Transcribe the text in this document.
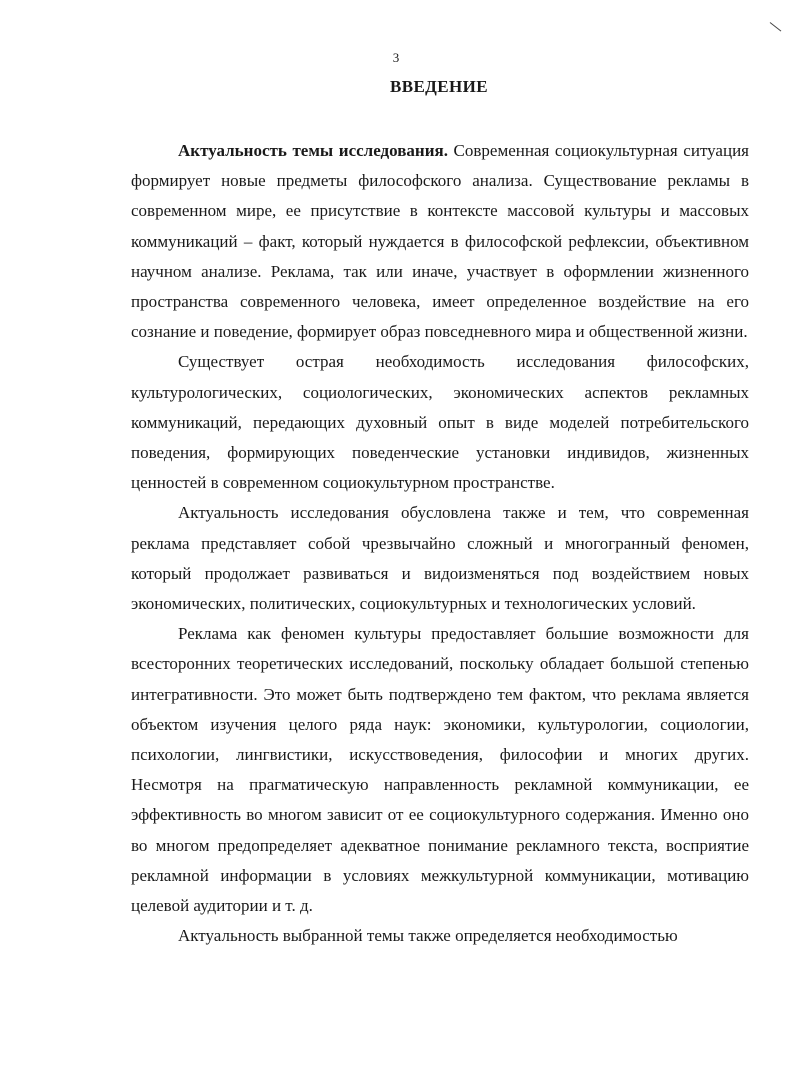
3
ВВЕДЕНИЕ

Актуальность темы исследования. Современная социокультурная ситуация формирует новые предметы философского анализа. Существование рекламы в современном мире, ее присутствие в контексте массовой культуры и массовых коммуникаций – факт, который нуждается в философской рефлексии, объективном научном анализе. Реклама, так или иначе, участвует в оформлении жизненного пространства современного человека, имеет определенное воздействие на его сознание и поведение, формирует образ повседневного мира и общественной жизни.

Существует острая необходимость исследования философских, культурологических, социологических, экономических аспектов рекламных коммуникаций, передающих духовный опыт в виде моделей потребительского поведения, формирующих поведенческие установки индивидов, жизненных ценностей в современном социокультурном пространстве.

Актуальность исследования обусловлена также и тем, что современная реклама представляет собой чрезвычайно сложный и многогранный феномен, который продолжает развиваться и видоизменяться под воздействием новых экономических, политических, социокультурных и технологических условий.

Реклама как феномен культуры предоставляет большие возможности для всесторонних теоретических исследований, поскольку обладает большой степенью интегративности. Это может быть подтверждено тем фактом, что реклама является объектом изучения целого ряда наук: экономики, культурологии, социологии, психологии, лингвистики, искусствоведения, философии и многих других. Несмотря на прагматическую направленность рекламной коммуникации, ее эффективность во многом зависит от ее социокультурного содержания. Именно оно во многом предопределяет адекватное понимание рекламного текста, восприятие рекламной информации в условиях межкультурной коммуникации, мотивацию целевой аудитории и т. д.

Актуальность выбранной темы также определяется необходимостью
